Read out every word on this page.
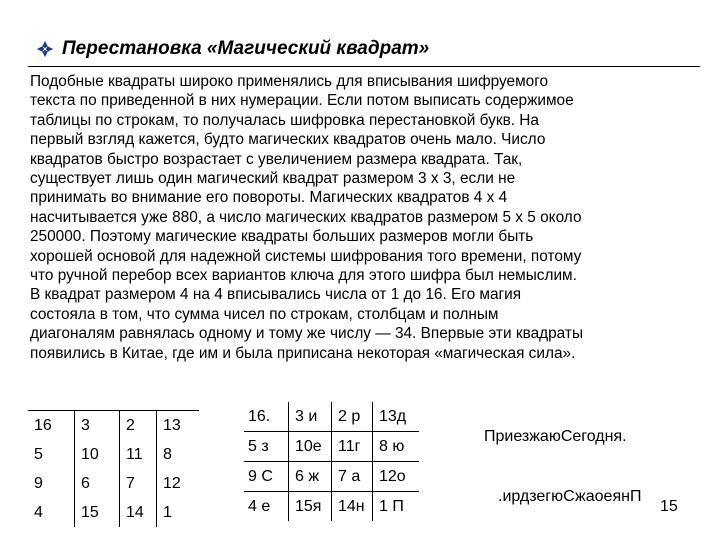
Перестановка «Магический квадрат»
Подобные квадраты широко применялись для вписывания шифруемого
текста по приведенной в них нумерации. Если потом выписать содержимое
таблицы по строкам, то получалась шифровка перестановкой букв. На
первый взгляд кажется, будто магических квадратов очень мало. Число
квадратов быстро возрастает с увеличением размера квадрата. Так,
существует лишь один магический квадрат размером 3 х 3, если не
принимать во внимание его повороты. Магических квадратов 4 х 4
насчитывается уже 880, а число магических квадратов размером 5 х 5 около
250000. Поэтому магические квадраты больших размеров могли быть
хорошей основой для надежной системы шифрования того времени, потому
что ручной перебор всех вариантов ключа для этого шифра был немыслим.
В квадрат размером 4 на 4 вписывались числа от 1 до 16. Его магия
состояла в том, что сумма чисел по строкам, столбцам и полным
диагоналям равнялась одному и тому же числу — 34. Впервые эти квадраты
появились в Китае, где им и была приписана некоторая «магическая сила».
16	3	2	13
5	10	11	8
9	6	7	12
4	15	14	1
16.	3 и	2 р	13д
5 з	10е	11г	8 ю
9 С	6 ж	7 а	12о
4 е	15я	14н	1 П
ПриезжаюСегодня.
.ирдзегюСжаоеянП
15
